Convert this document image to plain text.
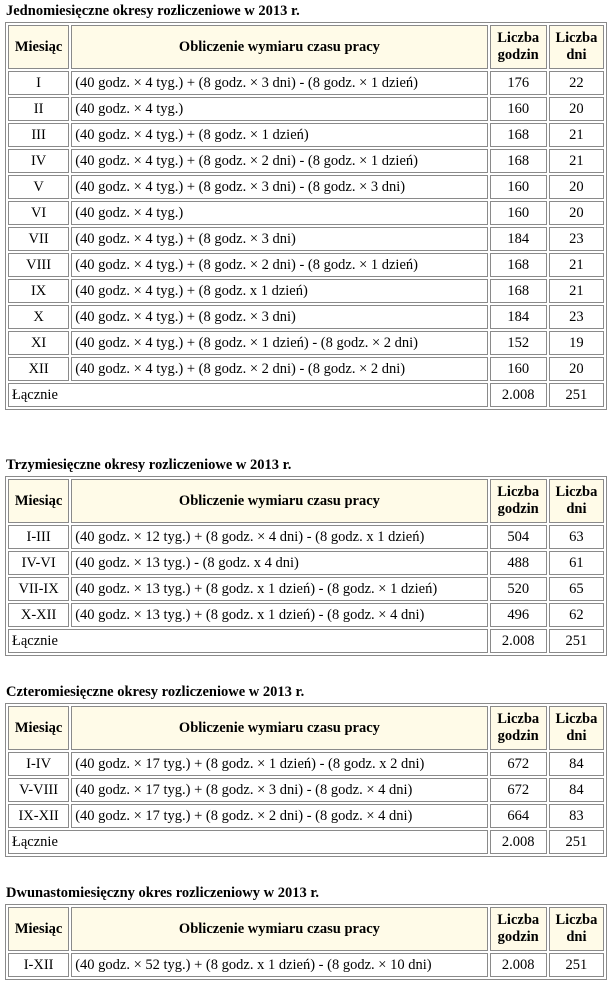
Jednomiesięczne okresy rozliczeniowe w 2013 r.
Miesiąc	Obliczenie wymiaru czasu pracy	Liczba godzin	Liczba dni
I	(40 godz. × 4 tyg.) + (8 godz. × 3 dni) - (8 godz. × 1 dzień)	176	22
II	(40 godz. × 4 tyg.)	160	20
III	(40 godz. × 4 tyg.) + (8 godz. × 1 dzień)	168	21
IV	(40 godz. × 4 tyg.) + (8 godz. × 2 dni) - (8 godz. × 1 dzień)	168	21
V	(40 godz. × 4 tyg.) + (8 godz. × 3 dni) - (8 godz. × 3 dni)	160	20
VI	(40 godz. × 4 tyg.)	160	20
VII	(40 godz. × 4 tyg.) + (8 godz. × 3 dni)	184	23
VIII	(40 godz. × 4 tyg.) + (8 godz. × 2 dni) - (8 godz. × 1 dzień)	168	21
IX	(40 godz. × 4 tyg.) + (8 godz. x 1 dzień)	168	21
X	(40 godz. × 4 tyg.) + (8 godz. × 3 dni)	184	23
XI	(40 godz. × 4 tyg.) + (8 godz. × 1 dzień) - (8 godz. × 2 dni)	152	19
XII	(40 godz. × 4 tyg.) + (8 godz. × 2 dni) - (8 godz. × 2 dni)	160	20
Łącznie		2.008	251
Trzymiesięczne okresy rozliczeniowe w 2013 r.
Miesiąc	Obliczenie wymiaru czasu pracy	Liczba godzin	Liczba dni
I-III	(40 godz. × 12 tyg.) + (8 godz. × 4 dni) - (8 godz. x 1 dzień)	504	63
IV-VI	(40 godz. × 13 tyg.) - (8 godz. x 4 dni)	488	61
VII-IX	(40 godz. × 13 tyg.) + (8 godz. x 1 dzień) - (8 godz. × 1 dzień)	520	65
X-XII	(40 godz. × 13 tyg.) + (8 godz. x 1 dzień) - (8 godz. × 4 dni)	496	62
Łącznie		2.008	251
Czteromiesięczne okresy rozliczeniowe w 2013 r.
Miesiąc	Obliczenie wymiaru czasu pracy	Liczba godzin	Liczba dni
I-IV	(40 godz. × 17 tyg.) + (8 godz. × 1 dzień) - (8 godz. x 2 dni)	672	84
V-VIII	(40 godz. × 17 tyg.) + (8 godz. × 3 dni) - (8 godz. × 4 dni)	672	84
IX-XII	(40 godz. × 17 tyg.) + (8 godz. × 2 dni) - (8 godz. × 4 dni)	664	83
Łącznie		2.008	251
Dwunastomiesięczny okres rozliczeniowy w 2013 r.
Miesiąc	Obliczenie wymiaru czasu pracy	Liczba godzin	Liczba dni
I-XII	(40 godz. × 52 tyg.) + (8 godz. x 1 dzień) - (8 godz. × 10 dni)	2.008	251
